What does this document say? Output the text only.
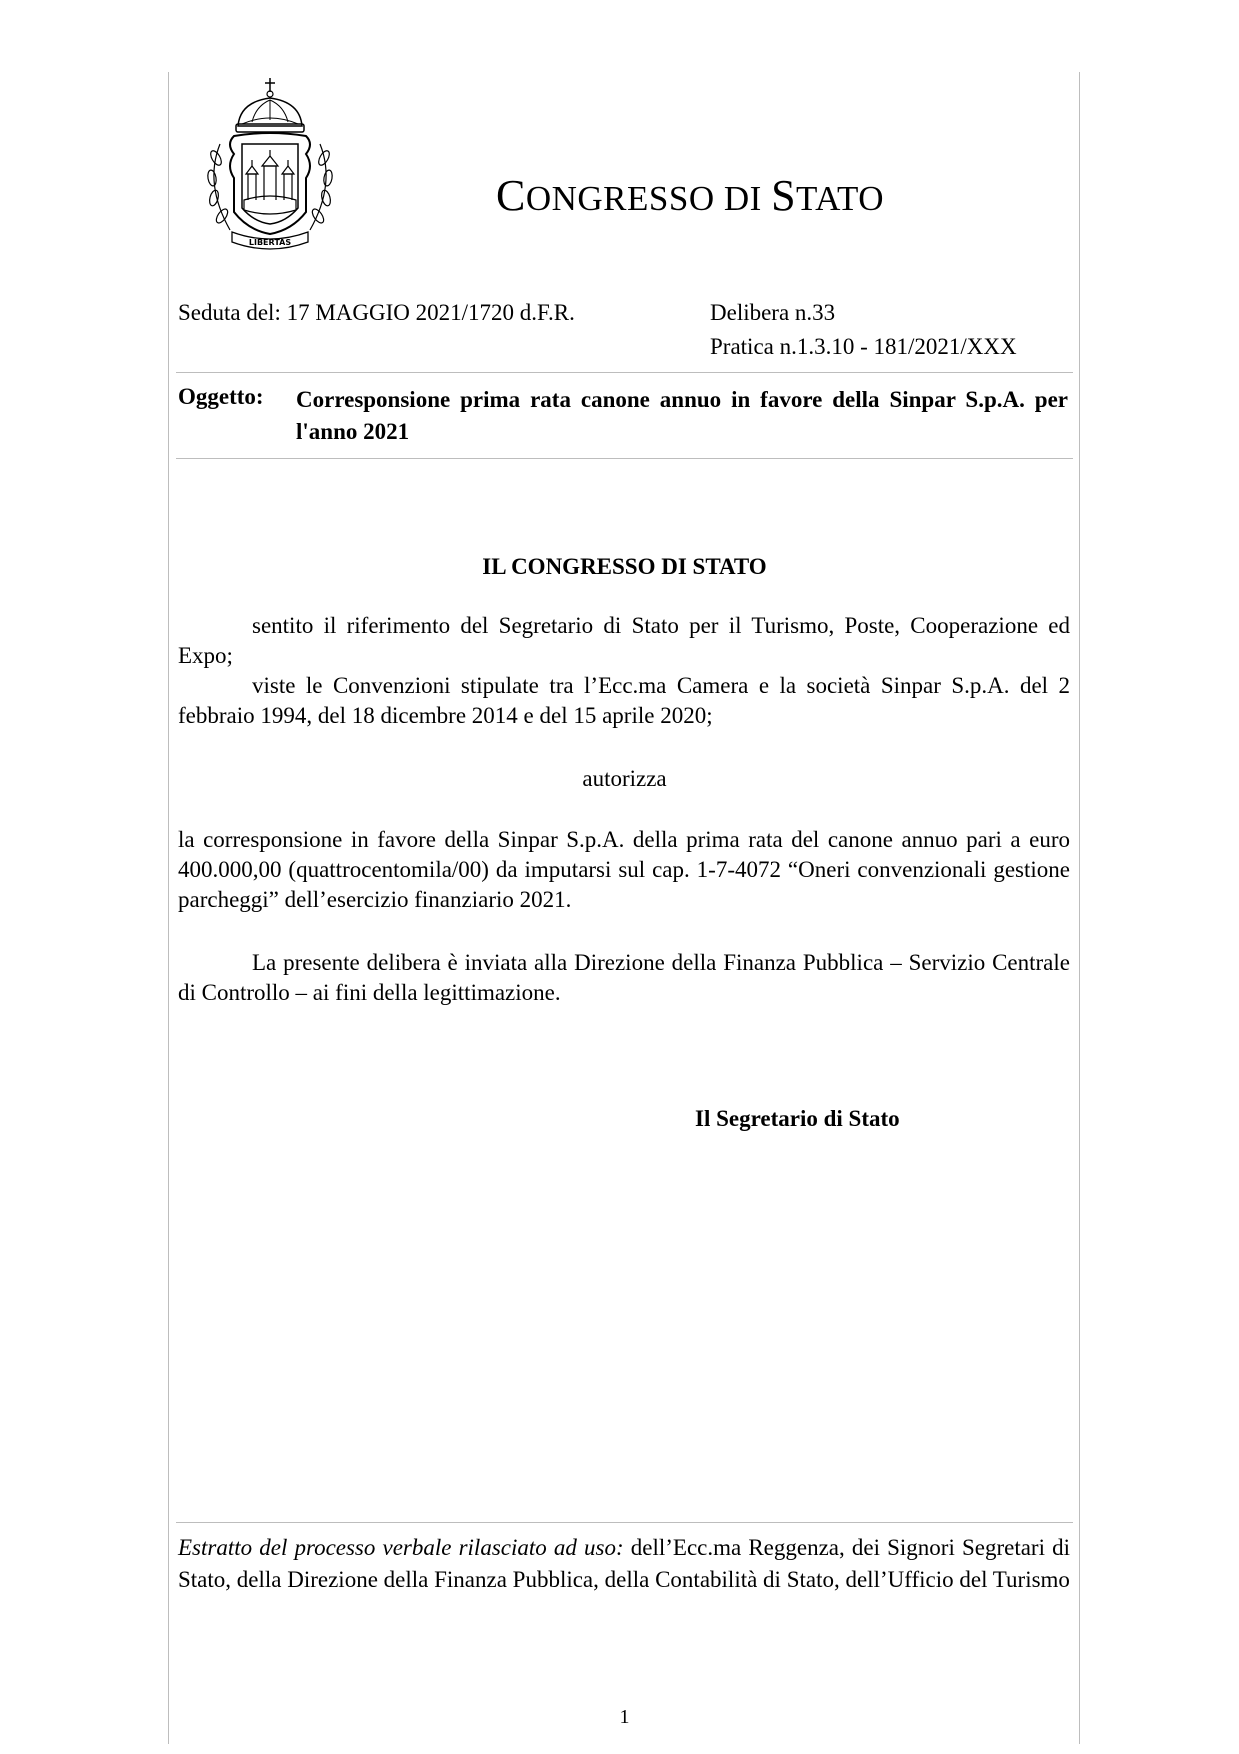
LIBERTAS
CONGRESSO DI STATO
Seduta del: 17 MAGGIO 2021/1720 d.F.R.	Delibera n.33
Pratica n.1.3.10 - 181/2021/XXX
Oggetto: Corresponsione prima rata canone annuo in favore della Sinpar S.p.A. per l'anno 2021
IL CONGRESSO DI STATO

sentito il riferimento del Segretario di Stato per il Turismo, Poste, Cooperazione ed Expo;

viste le Convenzioni stipulate tra l’Ecc.ma Camera e la società Sinpar S.p.A. del 2 febbraio 1994, del 18 dicembre 2014 e del 15 aprile 2020;

autorizza
la corresponsione in favore della Sinpar S.p.A. della prima rata del canone annuo pari a euro 400.000,00 (quattrocentomila/00) da imputarsi sul cap. 1-7-4072 “Oneri convenzionali gestione parcheggi” dell’esercizio finanziario 2021.
La presente delibera è inviata alla Direzione della Finanza Pubblica – Servizio Centrale di Controllo – ai fini della legittimazione.
Il Segretario di Stato
Estratto del processo verbale rilasciato ad uso: dell’Ecc.ma Reggenza, dei Signori Segretari di Stato, della Direzione della Finanza Pubblica, della Contabilità di Stato, dell’Ufficio del Turismo
1
